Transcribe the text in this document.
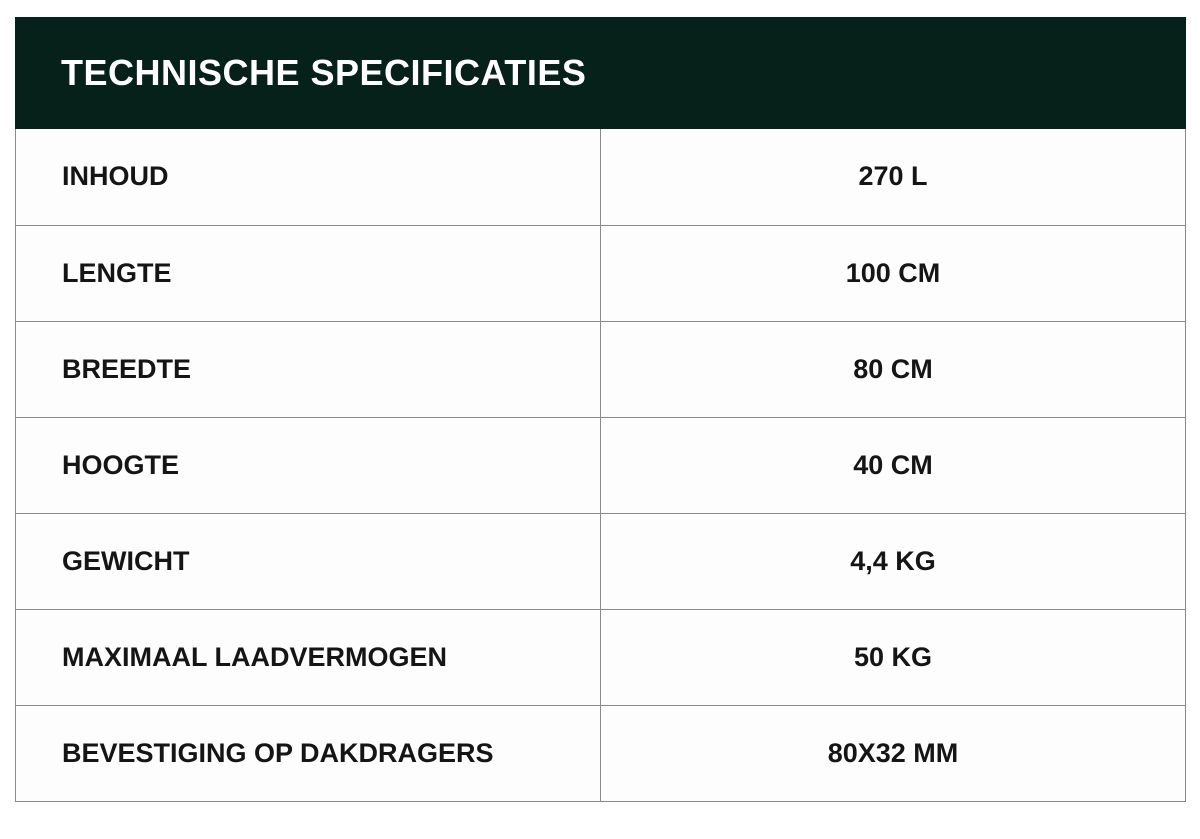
TECHNISCHE SPECIFICATIES
INHOUD	270 L
LENGTE	100 CM
BREEDTE	80 CM
HOOGTE	40 CM
GEWICHT	4,4 KG
MAXIMAAL LAADVERMOGEN	50 KG
BEVESTIGING OP DAKDRAGERS	80X32 MM
